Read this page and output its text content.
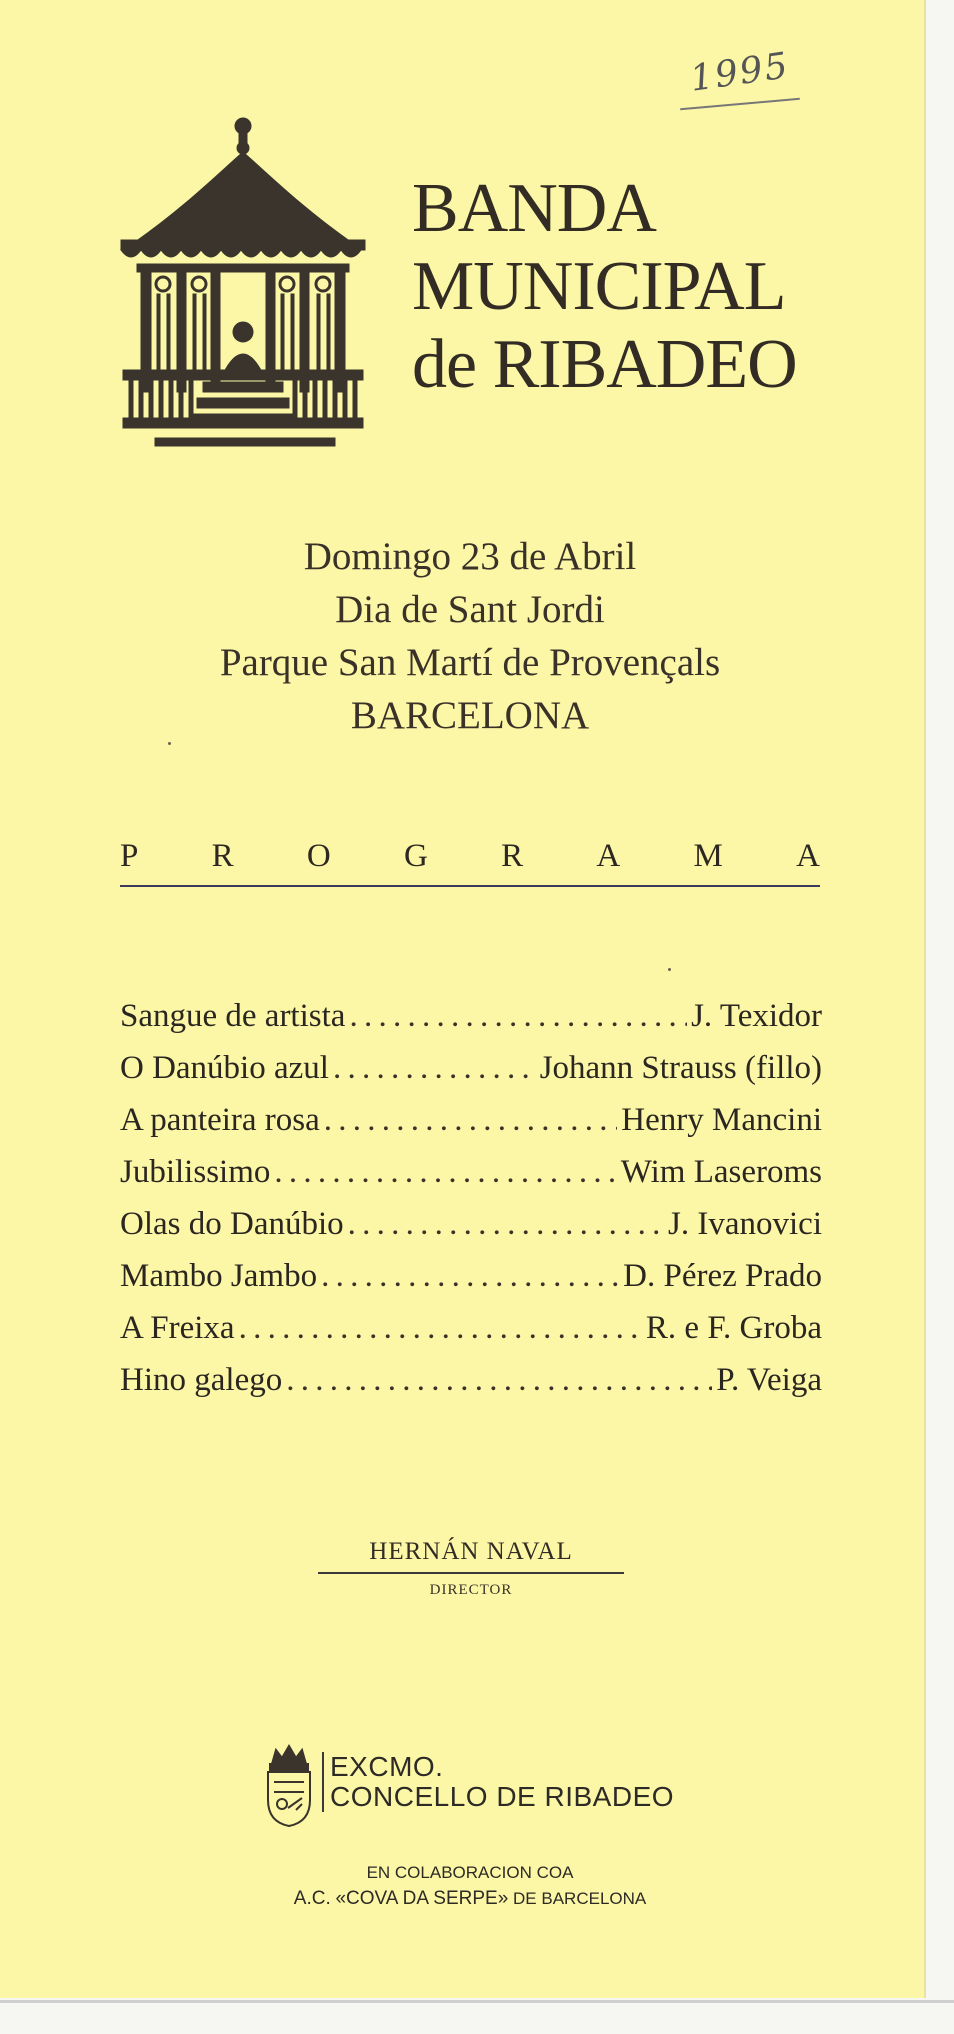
1995
BANDA
MUNICIPAL
de RIBADEO
Domingo 23 de Abril
Dia de Sant Jordi
Parque San Martí de Provençals
BARCELONA
P R O G R A M A
Sangue de artista . . .	J. Texidor
O Danúbio azul . . .	Johann Strauss (fillo)
A panteira rosa . . .	Henry Mancini
Jubilissimo . . .	Wim Laseroms
Olas do Danúbio . . .	J. Ivanovici
Mambo Jambo . . .	D. Pérez Prado
A Freixa . . .	R. e F. Groba
Hino galego . . .	P. Veiga
HERNÁN NAVAL
DIRECTOR
EXCMO.
CONCELLO DE RIBADEO
EN COLABORACION COA
A.C. «COVA DA SERPE» DE BARCELONA
